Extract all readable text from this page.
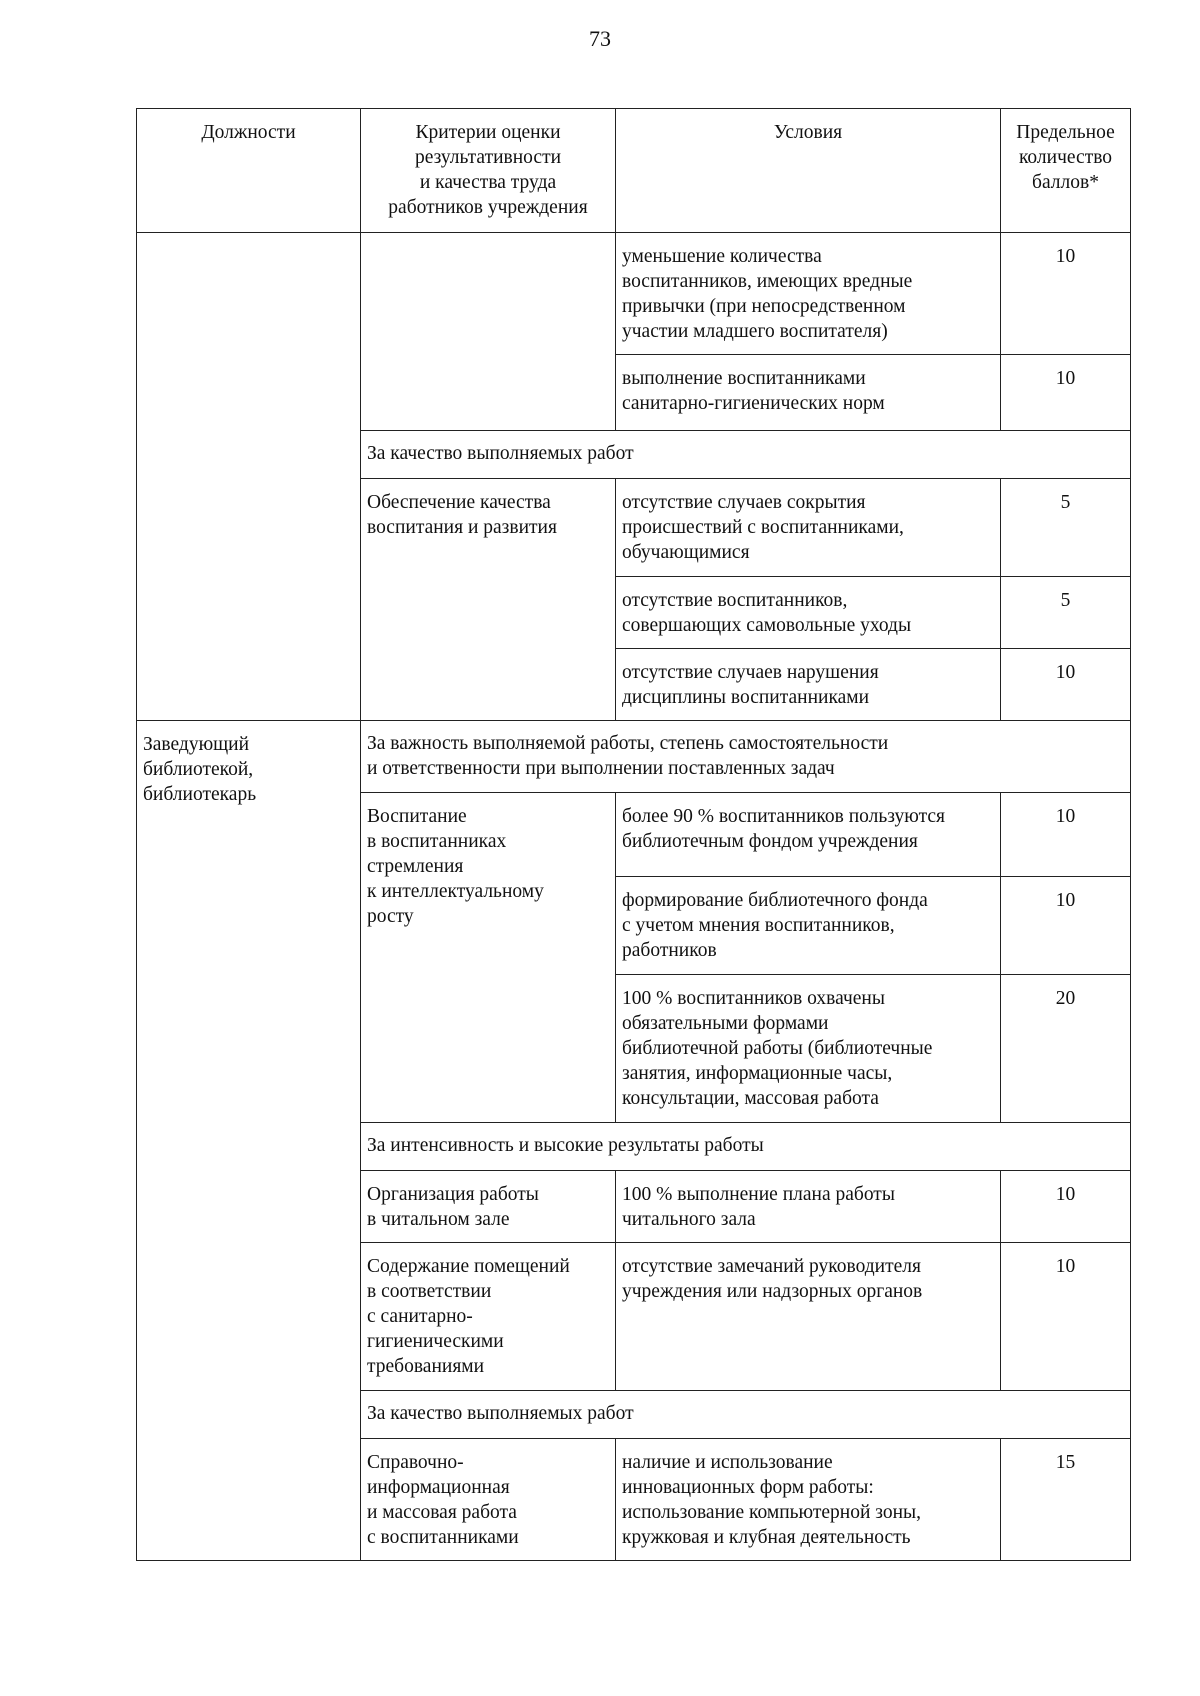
73
Должности	Критерии оценки
результативности
и качества труда
работников учреждения	Условия	Предельное
количество
баллов*
		уменьшение количества
воспитанников, имеющих вредные
привычки (при непосредственном
участии младшего воспитателя)	10
		выполнение воспитанниками
санитарно-гигиенических норм	10
	За качество выполняемых работ		
	Обеспечение качества
воспитания и развития	отсутствие случаев сокрытия
происшествий с воспитанниками,
обучающимися	5
		отсутствие воспитанников,
совершающих самовольные уходы	5
		отсутствие случаев нарушения
дисциплины воспитанниками	10
Заведующий
библиотекой,
библиотекарь	За важность выполняемой работы, степень самостоятельности
и ответственности при выполнении поставленных задач		
	Воспитание
в воспитанниках
стремления
к интеллектуальному
росту	более 90 % воспитанников пользуются
библиотечным фондом учреждения	10
		формирование библиотечного фонда
с учетом мнения воспитанников,
работников	10
		100 % воспитанников охвачены
обязательными формами
библиотечной работы (библиотечные
занятия, информационные часы,
консультации, массовая работа	20
	За интенсивность и высокие результаты работы		
	Организация работы
в читальном зале	100 % выполнение плана работы
читального зала	10
	Содержание помещений
в соответствии
с санитарно-
гигиеническими
требованиями	отсутствие замечаний руководителя
учреждения или надзорных органов	10
	За качество выполняемых работ		
	Справочно-
информационная
и массовая работа
с воспитанниками	наличие и использование
инновационных форм работы:
использование компьютерной зоны,
кружковая и клубная деятельность	15
